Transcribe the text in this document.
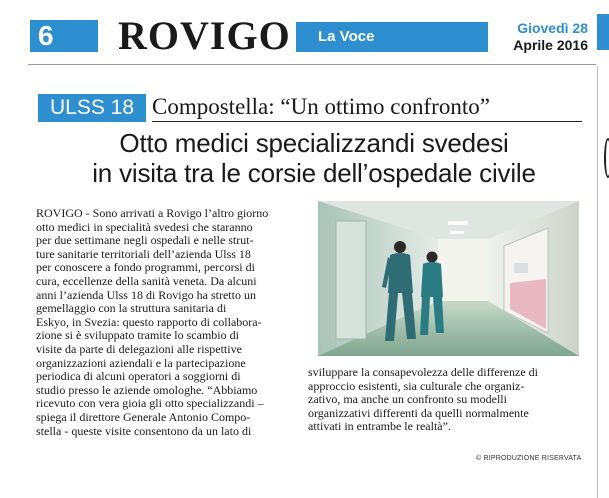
6	ROVIGO	La Voce	Giovedì 28
Aprile 2016
ULSS 18 Compostella: “Un ottimo confronto”
Otto medici specializzandi svedesi
in visita tra le corsie dell’ospedale civile
ROVIGO - Sono arrivati a Rovigo l’altro giorno
otto medici in specialità svedesi che staranno
per due settimane negli ospedali e nelle strut-
ture sanitarie territoriali dell’azienda Ulss 18
per conoscere a fondo programmi, percorsi di
cura, eccellenze della sanità veneta. Da alcuni
anni l’azienda Ulss 18 di Rovigo ha stretto un
gemellaggio con la struttura sanitaria di
Eskyo, in Svezia: questo rapporto di collabora-
zione si è sviluppato tramite lo scambio di
visite da parte di delegazioni alle rispettive
organizzazioni aziendali e la partecipazione
periodica di alcuni operatori a soggiorni di
studio presso le aziende omologhe. “Abbiamo
ricevuto con vera gioia gli otto specializzandi –
spiega il direttore Generale Antonio Compo-
stella - queste visite consentono da un lato di
sviluppare la consapevolezza delle differenze di
approccio esistenti, sia culturale che organiz-
zativo, ma anche un confronto su modelli
organizzativi differenti da quelli normalmente
attivati in entrambe le realtà”.
© RIPRODUZIONE RISERVATA
